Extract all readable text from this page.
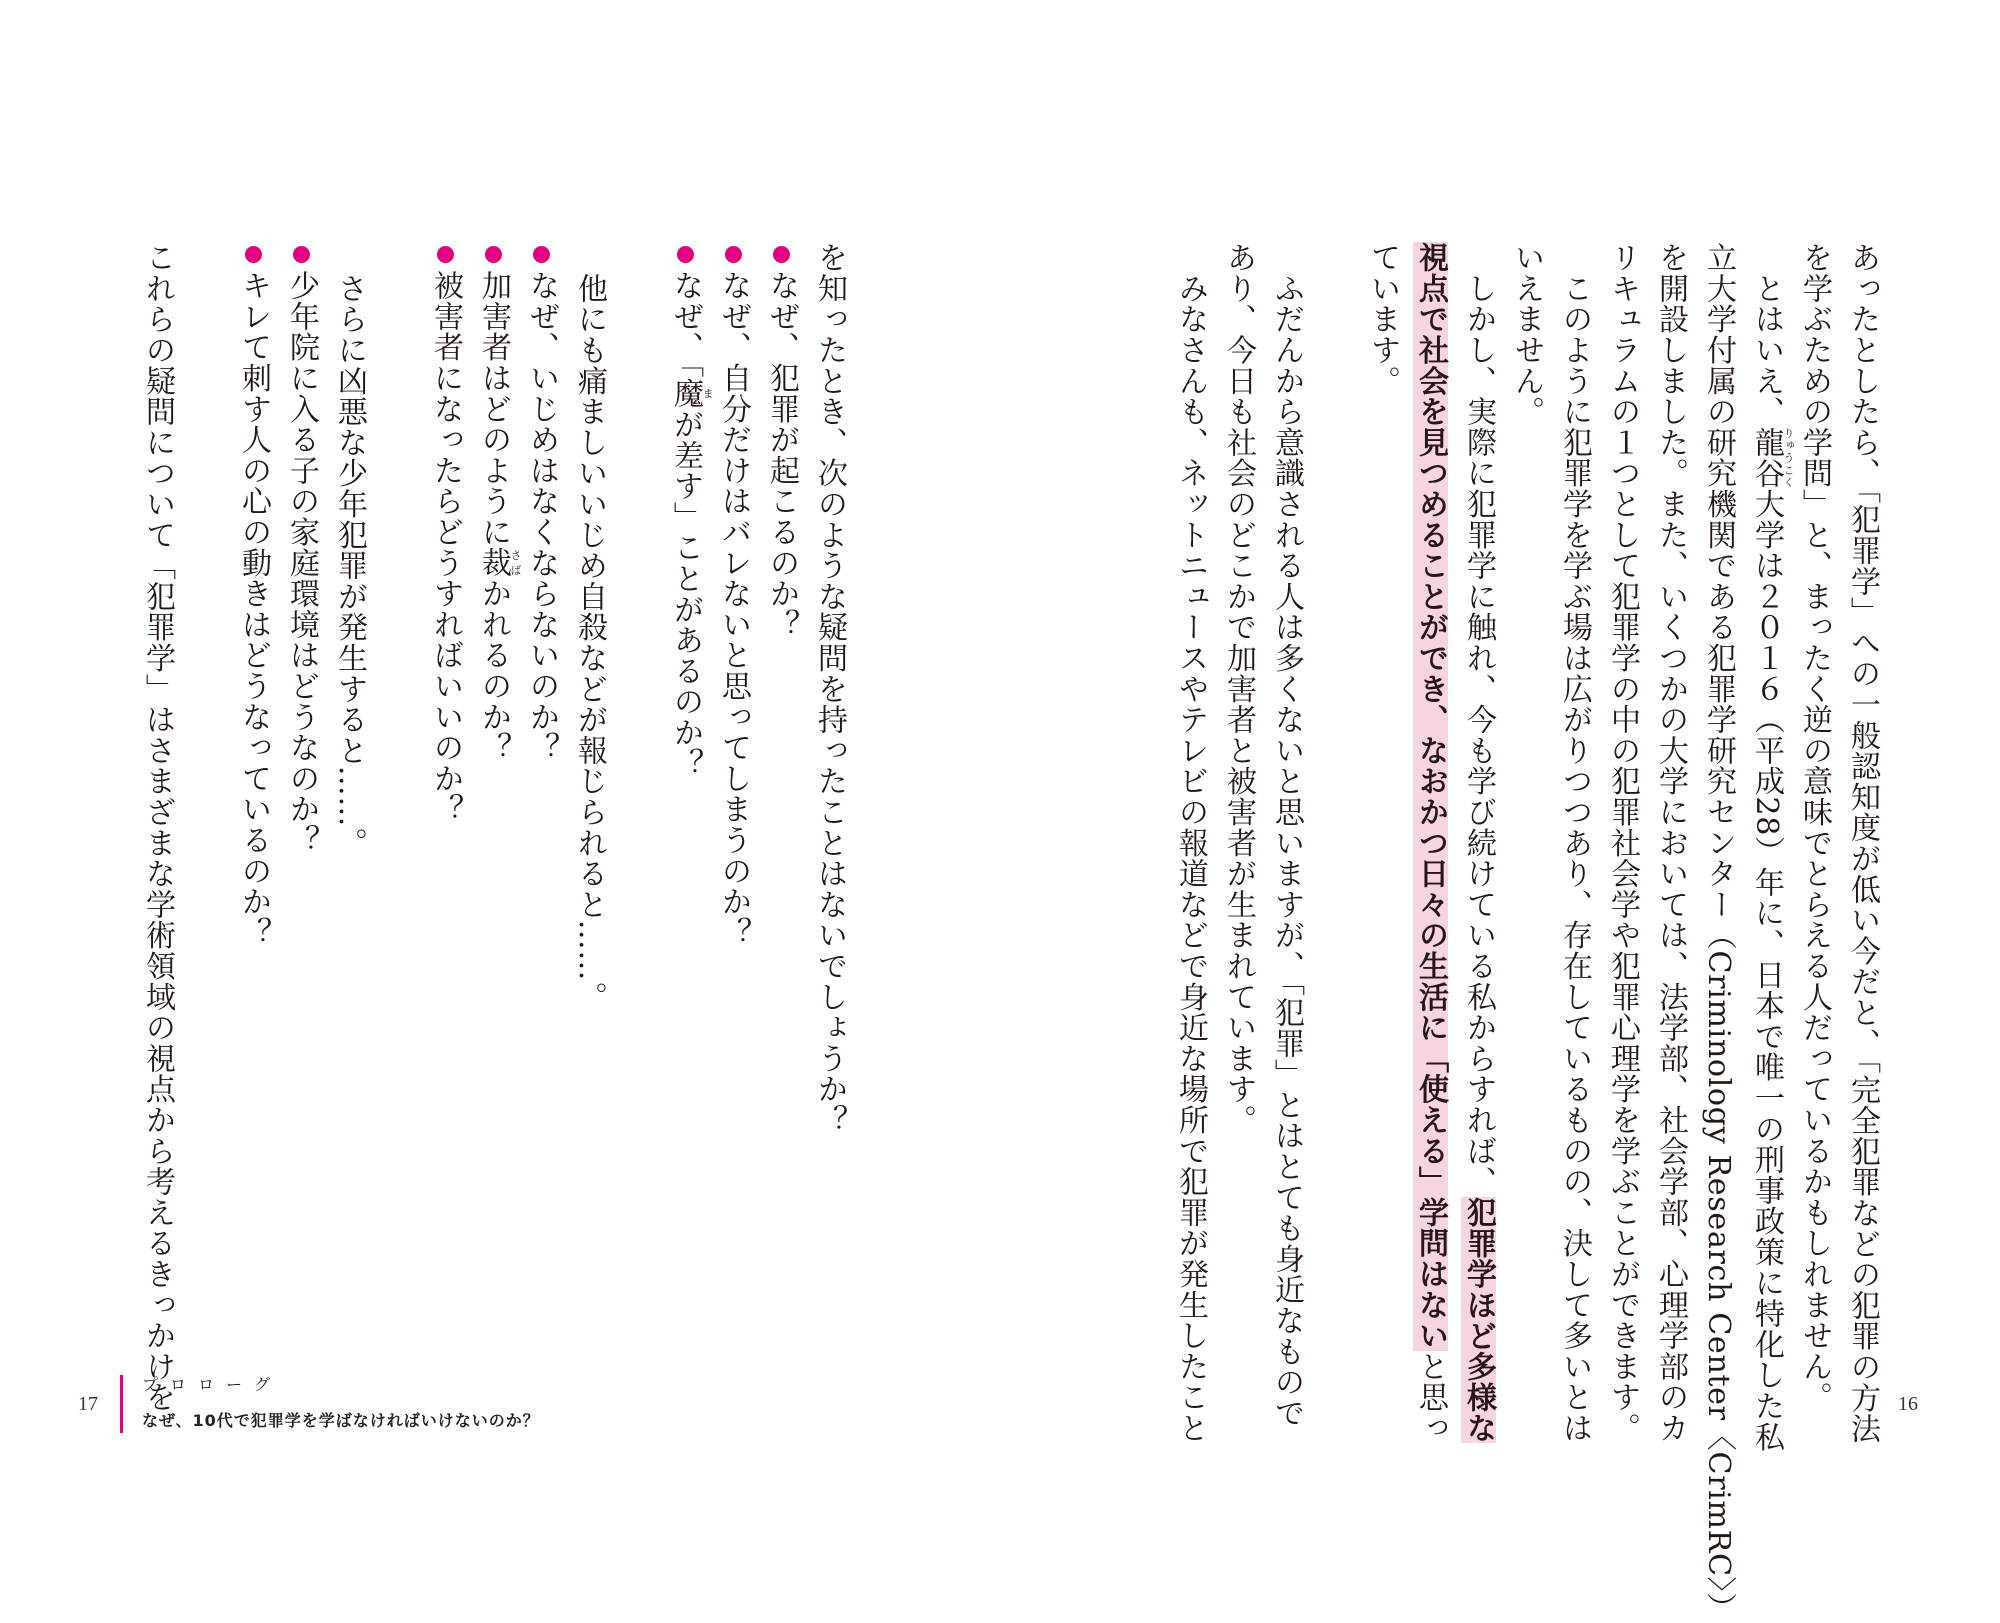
あったとしたら、「犯罪学」への一般認知度が低い今だと、「完全犯罪などの犯罪の方法
を学ぶための学問」と、まったく逆の意味でとらえる人だっているかもしれません。
　とはいえ、龍谷りゅうこく大学は２０１６（平成28）年に、日本で唯一の刑事政策に特化した私
立大学付属の研究機関である犯罪学研究センター（Criminology Research Center〈CrimRC〉）
を開設しました。また、いくつかの大学においては、法学部、社会学部、心理学部のカ
リキュラムの１つとして犯罪学の中の犯罪社会学や犯罪心理学を学ぶことができます。
　このように犯罪学を学ぶ場は広がりつつあり、存在しているものの、決して多いとは
いえません。
　しかし、実際に犯罪学に触れ、今も学び続けている私からすれば、犯罪学ほど多様な
視点で社会を見つめることができ、なおかつ日々の生活に「使える」学問はないと思っ
ています。
　ふだんから意識される人は多くないと思いますが、「犯罪」とはとても身近なもので
あり、今日も社会のどこかで加害者と被害者が生まれています。
　みなさんも、ネットニュースやテレビの報道などで身近な場所で犯罪が発生したこと
を知ったとき、次のような疑問を持ったことはないでしょうか？
なぜ、犯罪が起こるのか？
なぜ、自分だけはバレないと思ってしまうのか？
なぜ、「魔まが差す」ことがあるのか？
　他にも痛ましいいじめ自殺などが報じられると……。
なぜ、いじめはなくならないのか？
加害者はどのように裁さばかれるのか？
被害者になったらどうすればいいのか？
　さらに凶悪な少年犯罪が発生すると……。
少年院に入る子の家庭環境はどうなのか？
キレて刺す人の心の動きはどうなっているのか？
これらの疑問について「犯罪学」はさまざまな学術領域の視点から考えるきっかけを
17
プロローグ
なぜ、10代で犯罪学を学ばなければいけないのか？
16
